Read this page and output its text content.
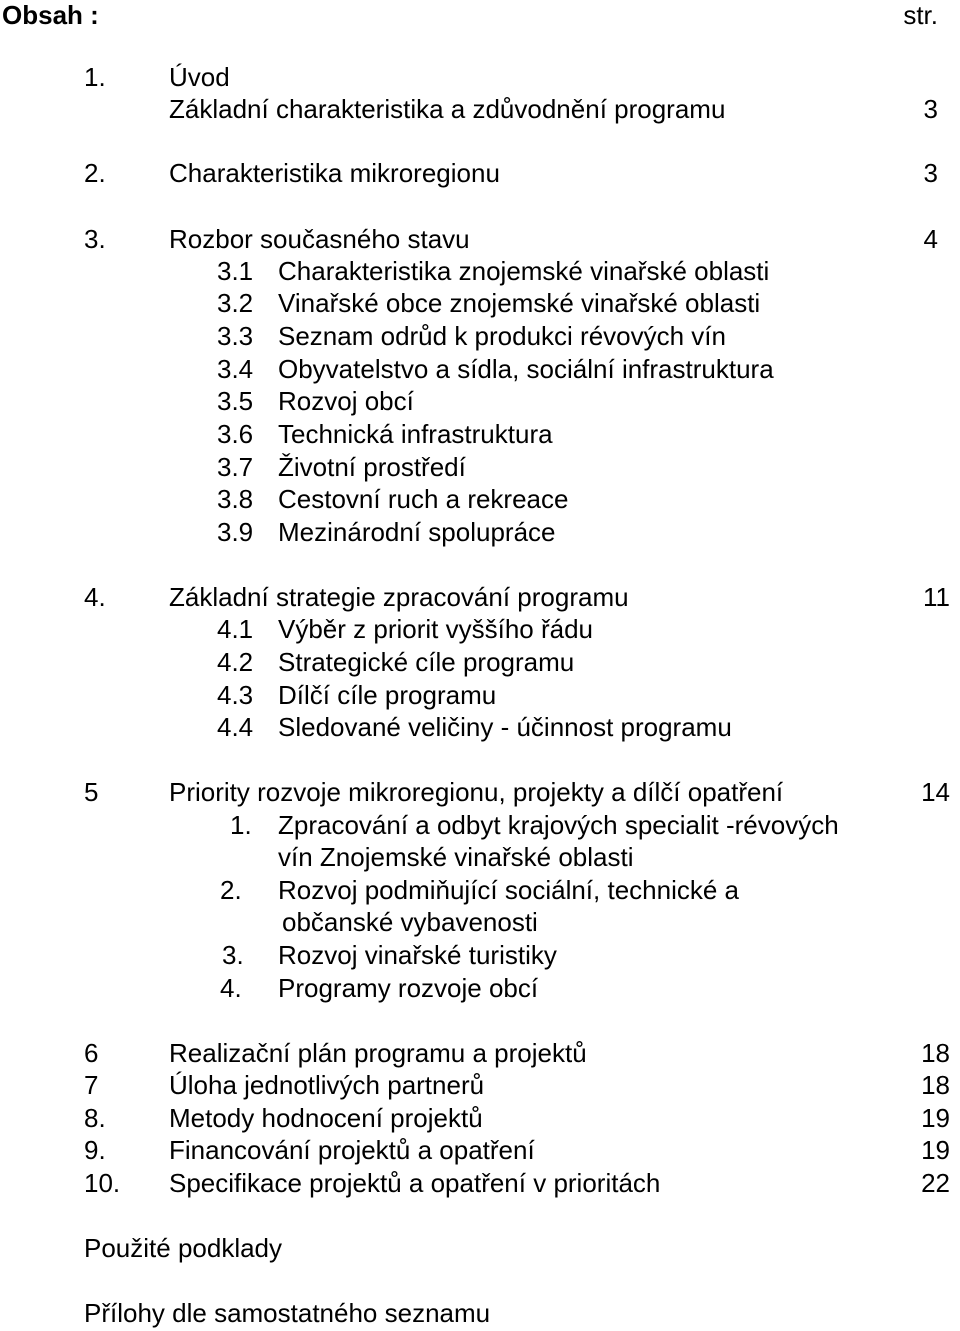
Obsah :	str.
1. Úvod
Základní charakteristika a zdůvodnění programu	3
2. Charakteristika mikroregionu	3
3. Rozbor současného stavu	4
3.1 Charakteristika znojemské vinařské oblasti
3.2 Vinařské obce znojemské vinařské oblasti
3.3 Seznam odrůd k produkci révových vín
3.4 Obyvatelstvo a sídla, sociální infrastruktura
3.5 Rozvoj obcí
3.6 Technická infrastruktura
3.7 Životní prostředí
3.8 Cestovní ruch a rekreace
3.9 Mezinárodní spolupráce
4. Základní strategie zpracování programu	11
4.1 Výběr z priorit vyššího řádu
4.2 Strategické cíle programu
4.3 Dílčí cíle programu
4.4 Sledované veličiny - účinnost programu
5	Priority rozvoje mikroregionu, projekty a dílčí opatření	14
1. Zpracování a odbyt krajových specialit -révových
vín Znojemské vinařské oblasti
2. Rozvoj podmiňující sociální, technické a
občanské vybavenosti
3. Rozvoj vinařské turistiky
4. Programy rozvoje obcí
6	Realizační plán programu a projektů	18
7	Úloha jednotlivých partnerů	18
8. Metody hodnocení projektů	19
9. Financování projektů a opatření	19
10. Specifikace projektů a opatření v prioritách	22
Použité podklady
Přílohy dle samostatného seznamu
